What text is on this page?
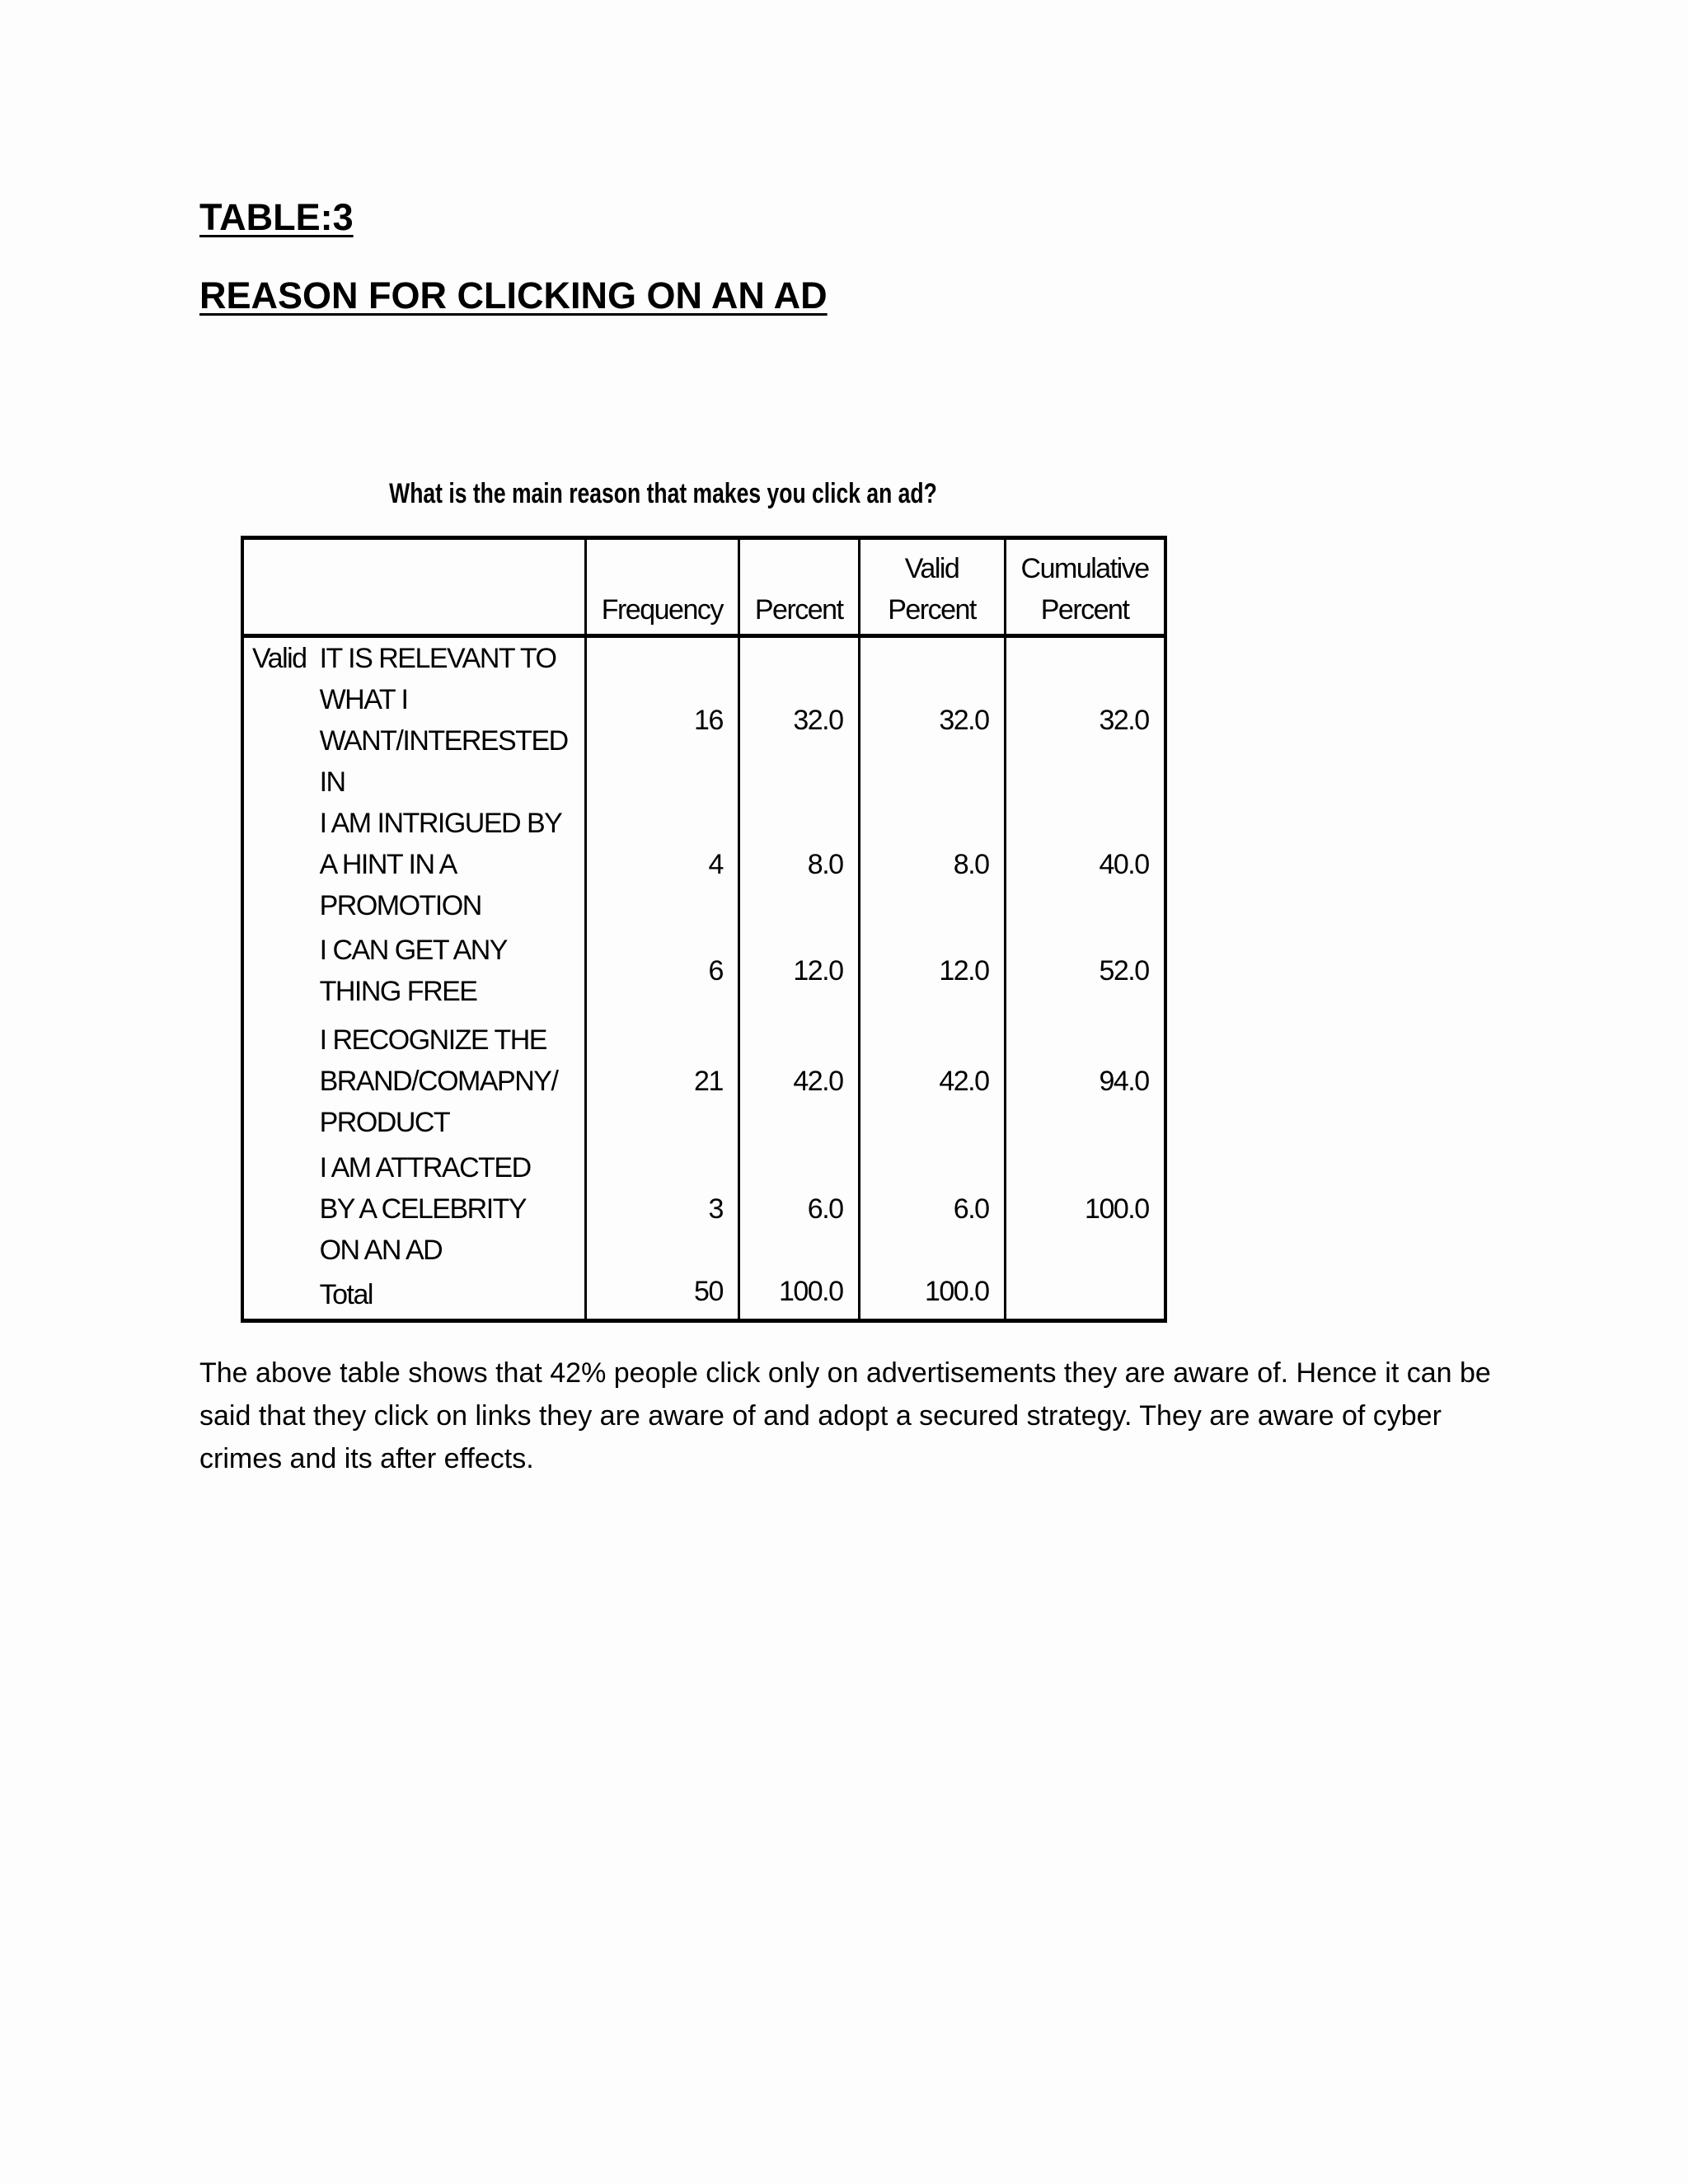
TABLE:3
REASON FOR CLICKING ON AN AD
What is the main reason that makes you click an ad?
		Frequency	Percent	Valid Percent	Cumulative Percent
Valid	IT IS RELEVANT TO WHAT I WANT/INTERESTED IN	16	32.0	32.0	32.0
	I AM INTRIGUED BY A HINT IN A PROMOTION	4	8.0	8.0	40.0
	I CAN GET ANY THING FREE	6	12.0	12.0	52.0
	I RECOGNIZE THE BRAND/COMAPNY/ PRODUCT	21	42.0	42.0	94.0
	I AM ATTRACTED BY A CELEBRITY ON AN AD	3	6.0	6.0	100.0
	Total	50	100.0	100.0	

The above table shows that 42% people click only on advertisements they are aware of. Hence it can be said that they click on links they are aware of and adopt a secured strategy. They are aware of cyber crimes and its after effects.
